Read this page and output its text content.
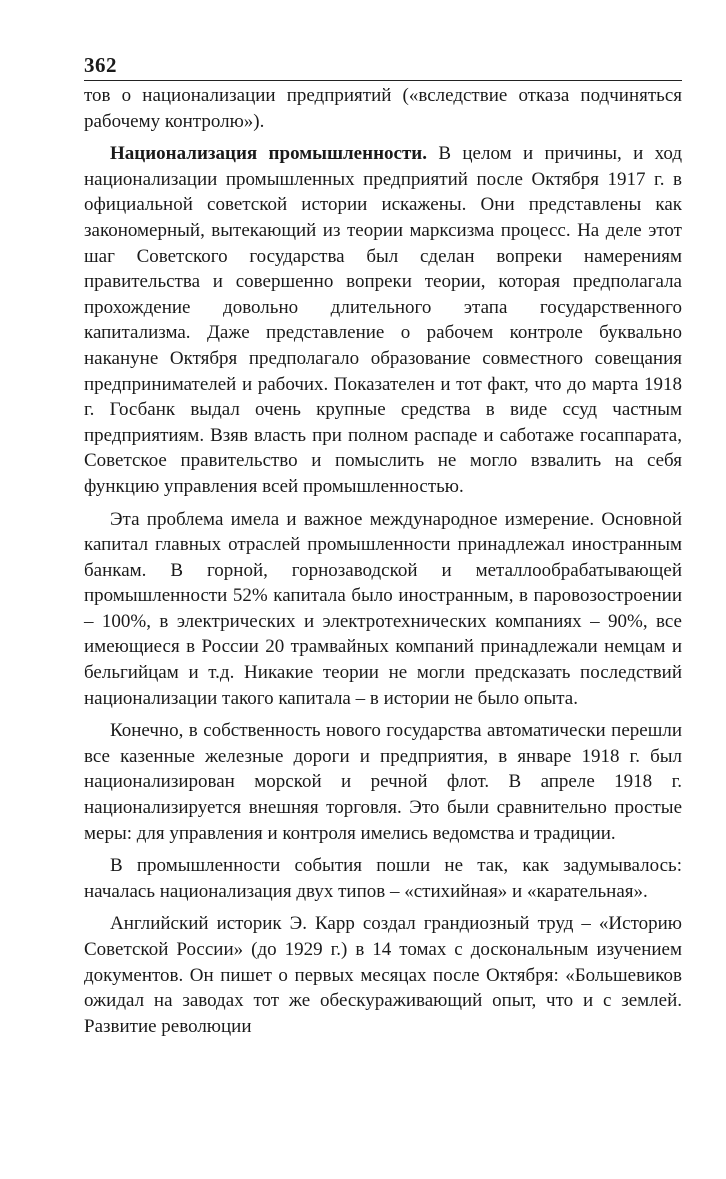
362

тов о национализации предприятий («вследствие отказа подчиняться рабочему контролю»).

Национализация промышленности. В целом и причины, и ход национализации промышленных предприятий после Октября 1917 г. в официальной советской истории искажены. Они представлены как закономерный, вытекающий из теории марксизма процесс. На деле этот шаг Советского государства был сделан вопреки намерениям правительства и совершенно вопреки теории, которая предполагала прохождение довольно длительного этапа государственного капитализма. Даже представление о рабочем контроле буквально накануне Октября предполагало образование совместного совещания предпринимателей и рабочих. Показателен и тот факт, что до марта 1918 г. Госбанк выдал очень крупные средства в виде ссуд частным предприятиям. Взяв власть при полном распаде и саботаже госаппарата, Советское правительство и помыслить не могло взвалить на себя функцию управления всей промышленностью.

Эта проблема имела и важное международное измерение. Основной капитал главных отраслей промышленности принадлежал иностранным банкам. В горной, горнозаводской и металлообрабатывающей промышленности 52% капитала было иностранным, в паровозостроении – 100%, в электрических и электротехнических компаниях – 90%, все имеющиеся в России 20 трамвайных компаний принадлежали немцам и бельгийцам и т.д. Никакие теории не могли предсказать последствий национализации такого капитала – в истории не было опыта.

Конечно, в собственность нового государства автоматически перешли все казенные железные дороги и предприятия, в январе 1918 г. был национализирован морской и речной флот. В апреле 1918 г. национализируется внешняя торговля. Это были сравнительно простые меры: для управления и контроля имелись ведомства и традиции.

В промышленности события пошли не так, как задумывалось: началась национализация двух типов – «стихийная» и «карательная».

Английский историк Э. Карр создал грандиозный труд – «Историю Советской России» (до 1929 г.) в 14 томах с доскональным изучением документов. Он пишет о первых месяцах после Октября: «Большевиков ожидал на заводах тот же обескураживающий опыт, что и с землей. Развитие революции
